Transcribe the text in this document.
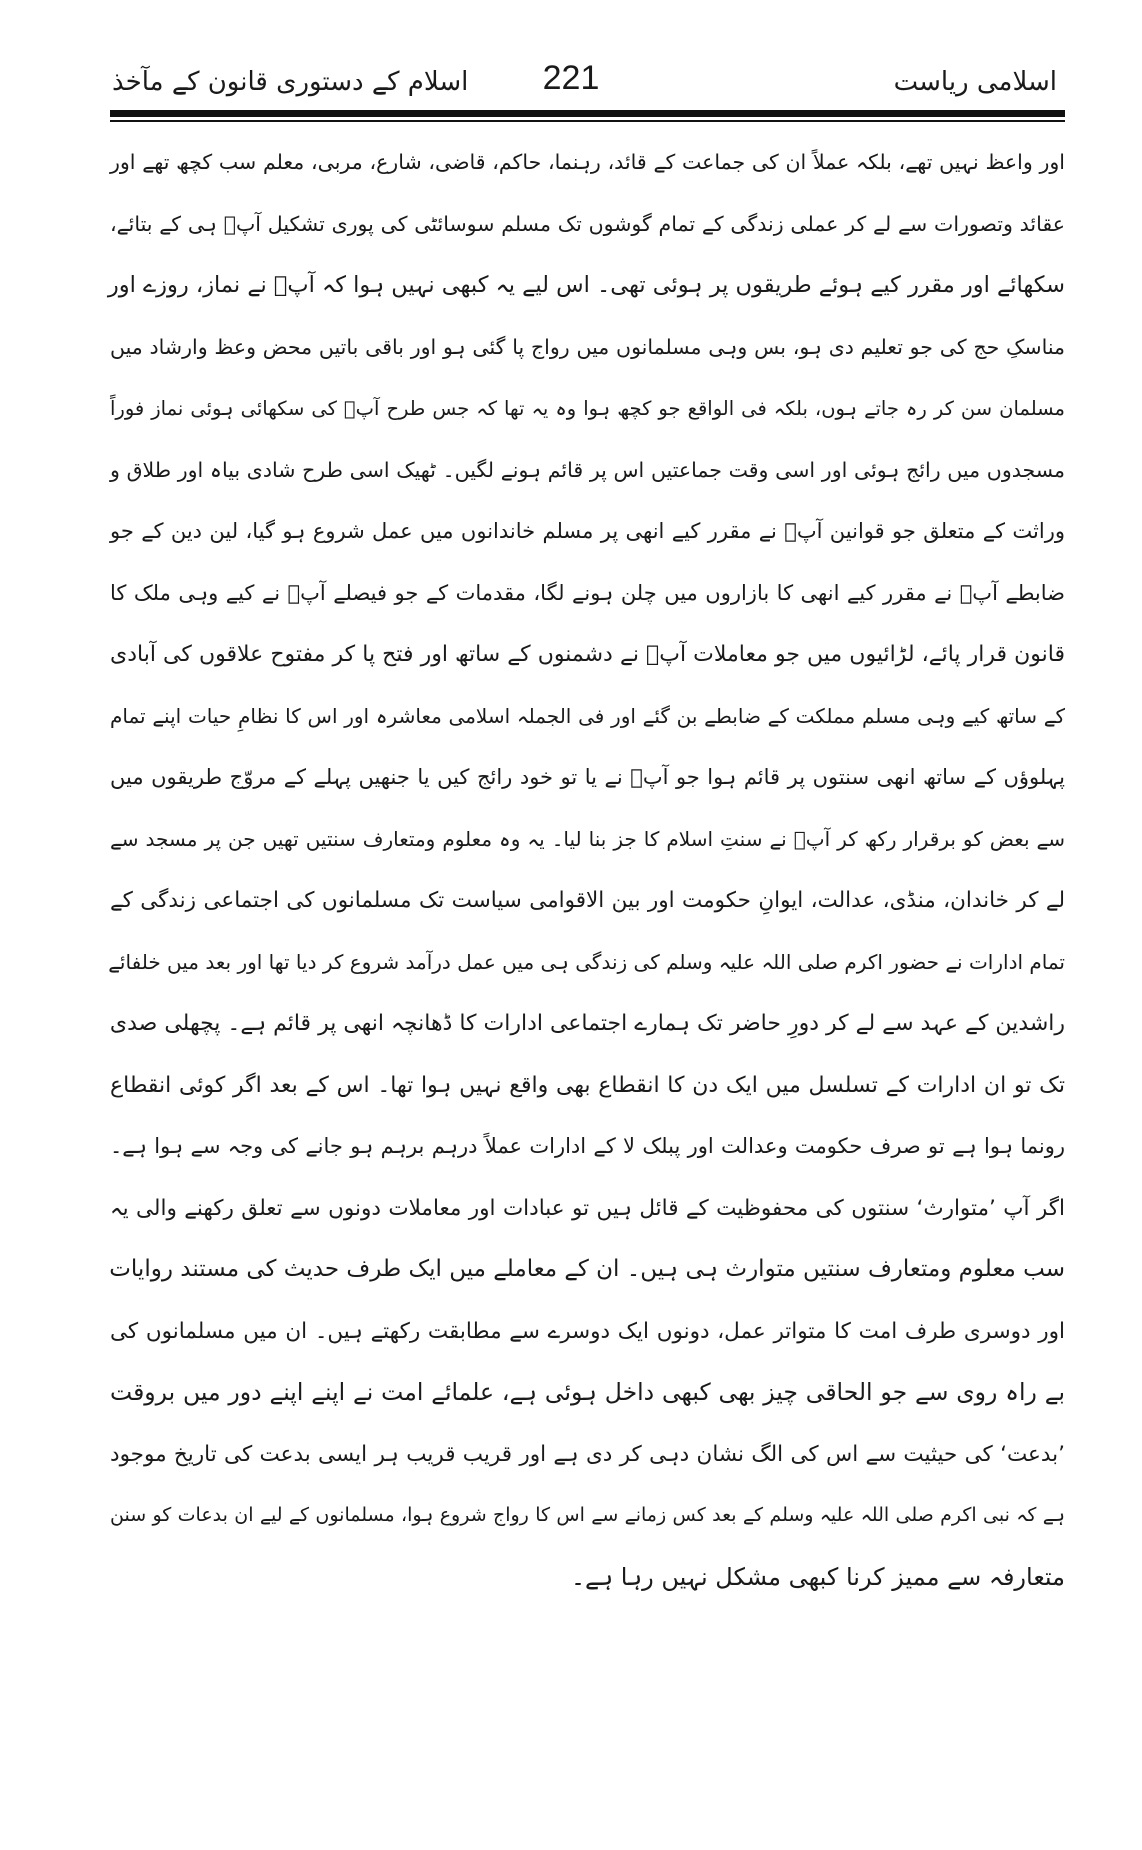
اسلامی ریاست
221
اسلام کے دستوری قانون کے مآخذ
اور واعظ نہیں تھے، بلکہ عملاً ان کی جماعت کے قائد، رہنما، حاکم، قاضی، شارع، مربی، معلم سب کچھ تھے اور
عقائد وتصورات سے لے کر عملی زندگی کے تمام گوشوں تک مسلم سوسائٹی کی پوری تشکیل آپؐ ہی کے بتائے،
سکھائے اور مقرر کیے ہوئے طریقوں پر ہوئی تھی۔ اس لیے یہ کبھی نہیں ہوا کہ آپؐ نے نماز، روزے اور
مناسکِ حج کی جو تعلیم دی ہو، بس وہی مسلمانوں میں رواج پا گئی ہو اور باقی باتیں محض وعظ وارشاد میں
مسلمان سن کر رہ جاتے ہوں، بلکہ فی الواقع جو کچھ ہوا وہ یہ تھا کہ جس طرح آپؐ کی سکھائی ہوئی نماز فوراً
مسجدوں میں رائج ہوئی اور اسی وقت جماعتیں اس پر قائم ہونے لگیں۔ ٹھیک اسی طرح شادی بیاہ اور طلاق و
وراثت کے متعلق جو قوانین آپؐ نے مقرر کیے انھی پر مسلم خاندانوں میں عمل شروع ہو گیا، لین دین کے جو
ضابطے آپؐ نے مقرر کیے انھی کا بازاروں میں چلن ہونے لگا، مقدمات کے جو فیصلے آپؐ نے کیے وہی ملک کا
قانون قرار پائے، لڑائیوں میں جو معاملات آپؐ نے دشمنوں کے ساتھ اور فتح پا کر مفتوح علاقوں کی آبادی
کے ساتھ کیے وہی مسلم مملکت کے ضابطے بن گئے اور فی الجملہ اسلامی معاشرہ اور اس کا نظامِ حیات اپنے تمام
پہلوؤں کے ساتھ انھی سنتوں پر قائم ہوا جو آپؐ نے یا تو خود رائج کیں یا جنھیں پہلے کے مروّج طریقوں میں
سے بعض کو برقرار رکھ کر آپؐ نے سنتِ اسلام کا جز بنا لیا۔ یہ وہ معلوم ومتعارف سنتیں تھیں جن پر مسجد سے
لے کر خاندان، منڈی، عدالت، ایوانِ حکومت اور بین الاقوامی سیاست تک مسلمانوں کی اجتماعی زندگی کے
تمام ادارات نے حضور اکرم صلی اللہ علیہ وسلم کی زندگی ہی میں عمل درآمد شروع کر دیا تھا اور بعد میں خلفائے
راشدین کے عہد سے لے کر دورِ حاضر تک ہمارے اجتماعی ادارات کا ڈھانچہ انھی پر قائم ہے۔ پچھلی صدی
تک تو ان ادارات کے تسلسل میں ایک دن کا انقطاع بھی واقع نہیں ہوا تھا۔ اس کے بعد اگر کوئی انقطاع
رونما ہوا ہے تو صرف حکومت وعدالت اور پبلک لا کے ادارات عملاً درہم برہم ہو جانے کی وجہ سے ہوا ہے۔
اگر آپ ’متوارث‘ سنتوں کی محفوظیت کے قائل ہیں تو عبادات اور معاملات دونوں سے تعلق رکھنے والی یہ
سب معلوم ومتعارف سنتیں متوارث ہی ہیں۔ ان کے معاملے میں ایک طرف حدیث کی مستند روایات
اور دوسری طرف امت کا متواتر عمل، دونوں ایک دوسرے سے مطابقت رکھتے ہیں۔ ان میں مسلمانوں کی
بے راہ روی سے جو الحاقی چیز بھی کبھی داخل ہوئی ہے، علمائے امت نے اپنے اپنے دور میں بروقت
’بدعت‘ کی حیثیت سے اس کی الگ نشان دہی کر دی ہے اور قریب قریب ہر ایسی بدعت کی تاریخ موجود
ہے کہ نبی اکرم صلی اللہ علیہ وسلم کے بعد کس زمانے سے اس کا رواج شروع ہوا، مسلمانوں کے لیے ان بدعات کو سنن
متعارفہ سے ممیز کرنا کبھی مشکل نہیں رہا ہے۔
